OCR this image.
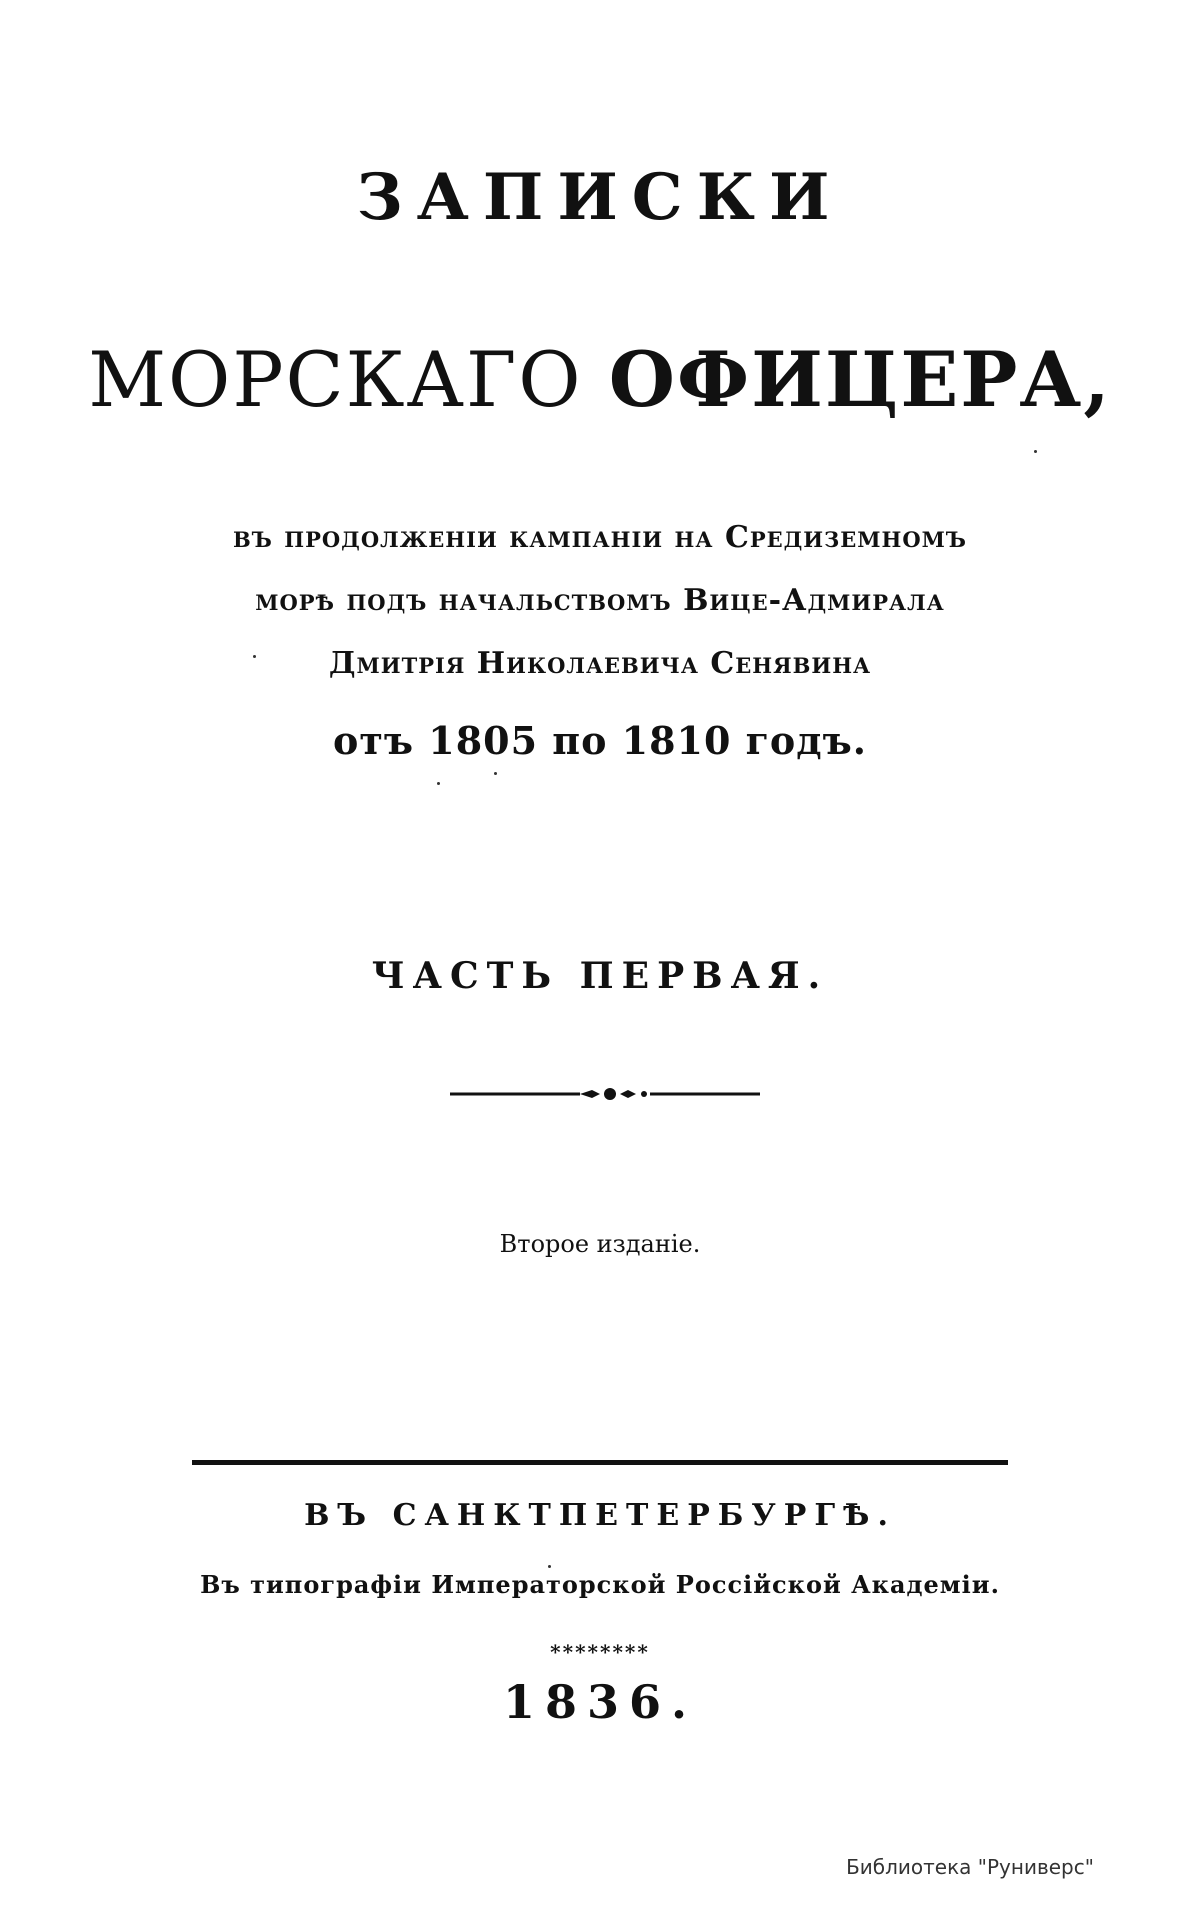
ЗАПИСКИ
МОРСКАГО ОФИЦЕРА,
въ продолженіи кампаніи на Средиземномъ
морѣ подъ начальствомъ Вице-Адмирала
Дмитрія Николаевича Сенявина
отъ 1805 по 1810 годъ.
ЧАСТЬ ПЕРВАЯ.
Второе изданіе.
ВЪ САНКТПЕТЕРБУРГѢ.
Въ типографіи Императорской Россійской Академіи.
********
1836.
Библиотека "Руниверс"
